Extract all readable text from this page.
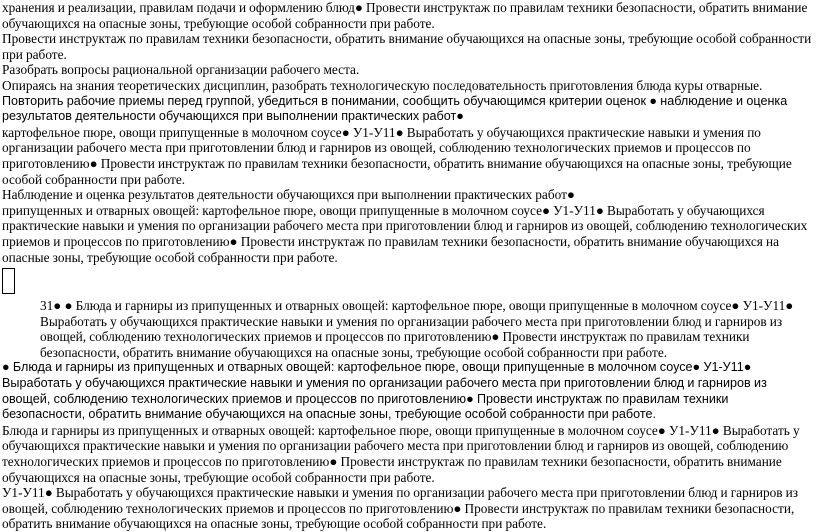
хранения и реализации, правилам подачи и оформлению блюд● Провести инструктаж по правилам техники безопасности, обратить внимание обучающихся на опасные зоны, требующие особой собранности при работе.

Провести инструктаж по правилам техники безопасности, обратить внимание обучающихся на опасные зоны, требующие особой собранности при работе.

Разобрать вопросы рациональной организации рабочего места.

Опираясь на знания теоретических дисциплин, разобрать технологическую последовательность приготовления блюда куры отварные.

Повторить рабочие приемы перед группой, убедиться в понимании, сообщить обучающимся критерии оценок ● наблюдение и оценка результатов деятельности обучающихся при выполнении практических работ●

картофельное пюре, овощи припущенные в молочном соусе● У1-У11● Выработать у обучающихся практические навыки и умения по организации рабочего места при приготовлении блюд и гарниров из овощей, соблюдению технологических приемов и процессов по приготовлению● Провести инструктаж по правилам техники безопасности, обратить внимание обучающихся на опасные зоны, требующие особой собранности при работе.

Наблюдение и оценка результатов деятельности обучающихся при выполнении практических работ●

припущенных и отварных овощей: картофельное пюре, овощи припущенные в молочном соусе● У1-У11● Выработать у обучающихся практические навыки и умения по организации рабочего места при приготовлении блюд и гарниров из овощей, соблюдению технологических приемов и процессов по приготовлению● Провести инструктаж по правилам техники безопасности, обратить внимание обучающихся на опасные зоны, требующие особой собранности при работе.

31● ● Блюда и гарниры из припущенных и отварных овощей: картофельное пюре, овощи припущенные в молочном соусе● У1-У11● Выработать у обучающихся практические навыки и умения по организации рабочего места при приготовлении блюд и гарниров из овощей, соблюдению технологических приемов и процессов по приготовлению● Провести инструктаж по правилам техники безопасности, обратить внимание обучающихся на опасные зоны, требующие особой собранности при работе.

● Блюда и гарниры из припущенных и отварных овощей: картофельное пюре, овощи припущенные в молочном соусе● У1-У11● Выработать у обучающихся практические навыки и умения по организации рабочего места при приготовлении блюд и гарниров из овощей, соблюдению технологических приемов и процессов по приготовлению● Провести инструктаж по правилам техники безопасности, обратить внимание обучающихся на опасные зоны, требующие особой собранности при работе.

Блюда и гарниры из припущенных и отварных овощей: картофельное пюре, овощи припущенные в молочном соусе● У1-У11● Выработать у обучающихся практические навыки и умения по организации рабочего места при приготовлении блюд и гарниров из овощей, соблюдению технологических приемов и процессов по приготовлению● Провести инструктаж по правилам техники безопасности, обратить внимание обучающихся на опасные зоны, требующие особой собранности при работе.

У1-У11● Выработать у обучающихся практические навыки и умения по организации рабочего места при приготовлении блюд и гарниров из овощей, соблюдению технологических приемов и процессов по приготовлению● Провести инструктаж по правилам техники безопасности, обратить внимание обучающихся на опасные зоны, требующие особой собранности при работе.
